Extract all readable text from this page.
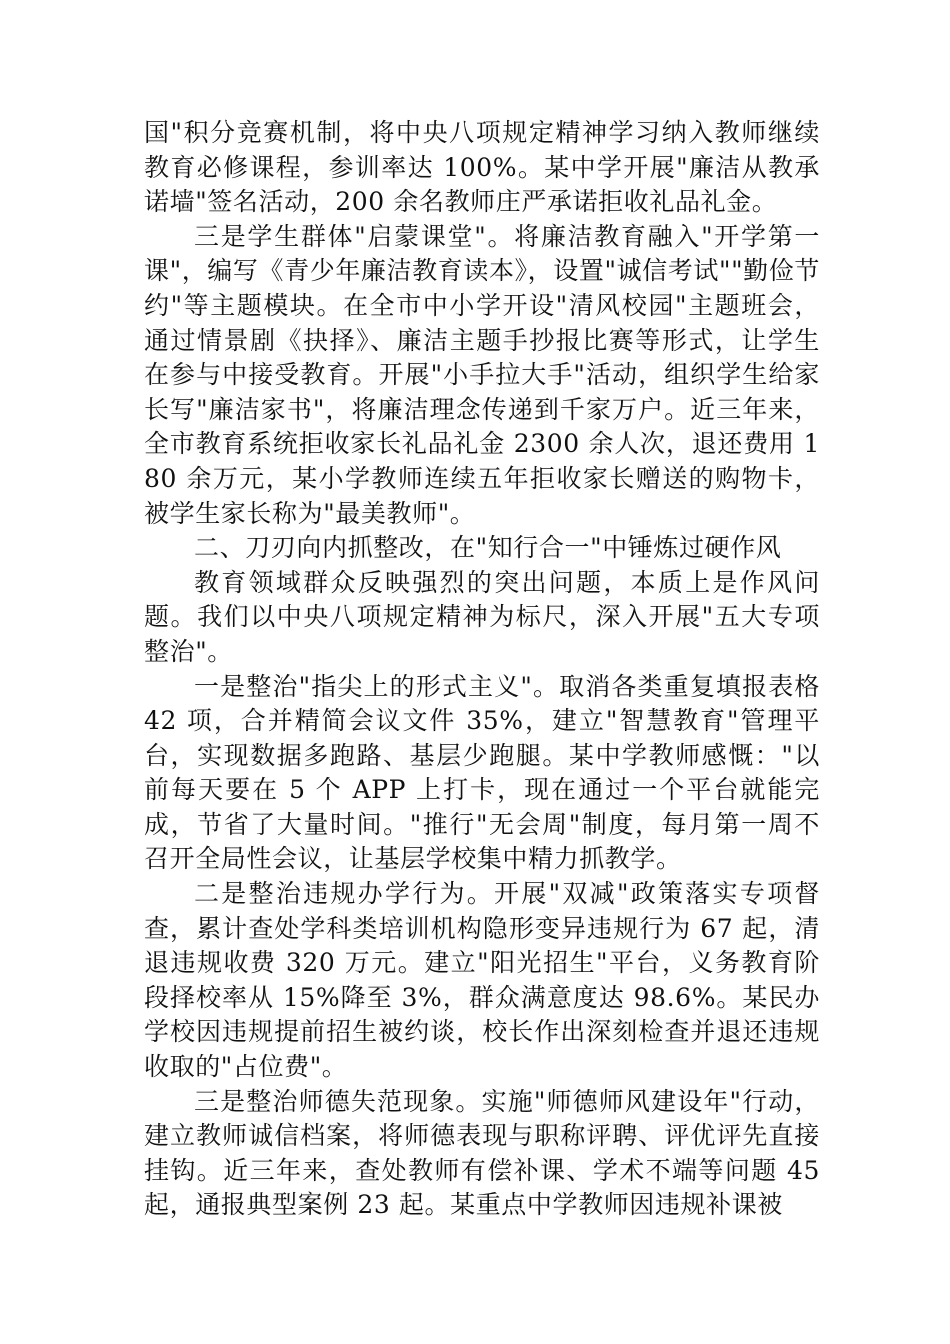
国"积分竞赛机制，将中央八项规定精神学习纳入教师继续教育必修课程，参训率达 100%。某中学开展"廉洁从教承诺墙"签名活动，200 余名教师庄严承诺拒收礼品礼金。

三是学生群体"启蒙课堂"。将廉洁教育融入"开学第一课"，编写《青少年廉洁教育读本》，设置"诚信考试""勤俭节约"等主题模块。在全市中小学开设"清风校园"主题班会，通过情景剧《抉择》、廉洁主题手抄报比赛等形式，让学生在参与中接受教育。开展"小手拉大手"活动，组织学生给家长写"廉洁家书"，将廉洁理念传递到千家万户。近三年来，全市教育系统拒收家长礼品礼金 2300 余人次，退还费用 180 余万元，某小学教师连续五年拒收家长赠送的购物卡，被学生家长称为"最美教师"。

二、刀刃向内抓整改，在"知行合一"中锤炼过硬作风

教育领域群众反映强烈的突出问题，本质上是作风问题。我们以中央八项规定精神为标尺，深入开展"五大专项整治"。

一是整治"指尖上的形式主义"。取消各类重复填报表格 42 项，合并精简会议文件 35%，建立"智慧教育"管理平台，实现数据多跑路、基层少跑腿。某中学教师感慨："以前每天要在 5 个 APP 上打卡，现在通过一个平台就能完成，节省了大量时间。"推行"无会周"制度，每月第一周不召开全局性会议，让基层学校集中精力抓教学。

二是整治违规办学行为。开展"双减"政策落实专项督查，累计查处学科类培训机构隐形变异违规行为 67 起，清退违规收费 320 万元。建立"阳光招生"平台，义务教育阶段择校率从 15%降至 3%，群众满意度达 98.6%。某民办学校因违规提前招生被约谈，校长作出深刻检查并退还违规收取的"占位费"。

三是整治师德失范现象。实施"师德师风建设年"行动，建立教师诚信档案，将师德表现与职称评聘、评优评先直接挂钩。近三年来，查处教师有偿补课、学术不端等问题 45 起，通报典型案例 23 起。某重点中学教师因违规补课被
